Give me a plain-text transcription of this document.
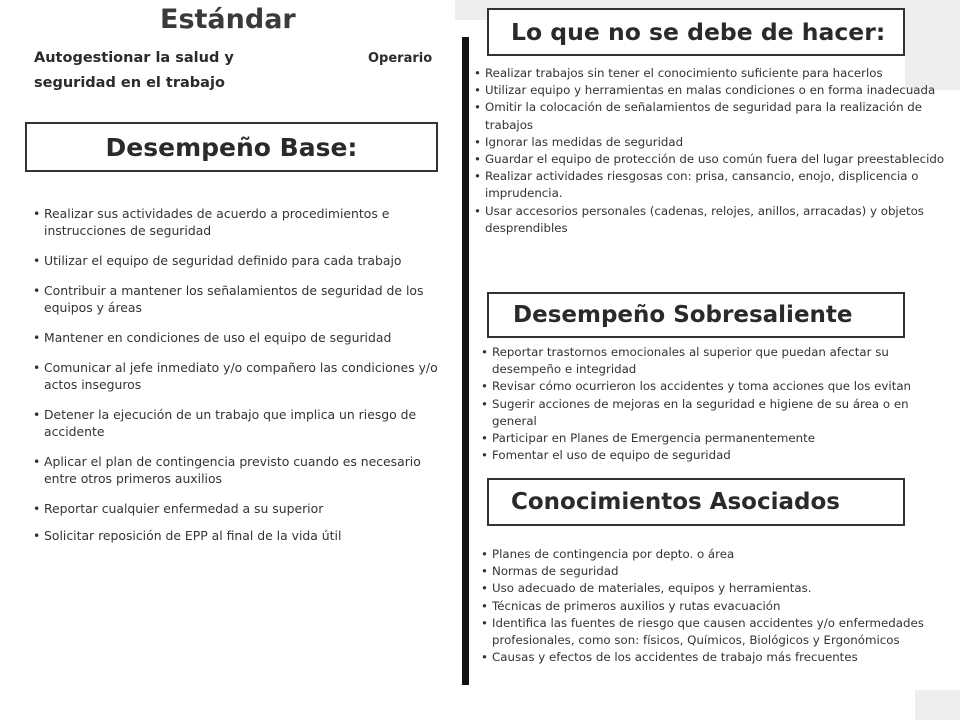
Estándar
Autogestionar la salud y seguridad en el trabajo
Operario
Desempeño Base:
• Realizar sus actividades de acuerdo a procedimientos e instrucciones de seguridad
• Utilizar el equipo de seguridad definido para cada trabajo
• Contribuir a mantener los señalamientos de seguridad de los equipos y áreas
• Mantener en condiciones de uso el equipo de seguridad
• Comunicar al jefe inmediato y/o compañero las condiciones y/o actos inseguros
• Detener la ejecución de un trabajo que implica un riesgo de accidente
• Aplicar el plan de contingencia previsto cuando es necesario entre otros primeros auxilios
• Reportar cualquier enfermedad a su superior
• Solicitar reposición de EPP al final de la vida útil
Lo que no se debe de hacer:
• Realizar trabajos sin tener el conocimiento suficiente para hacerlos
• Utilizar equipo y herramientas en malas condiciones o en forma inadecuada
• Omitir la colocación de señalamientos de seguridad para la realización de trabajos
• Ignorar las medidas de seguridad
• Guardar el equipo de protección de uso común fuera del lugar preestablecido
• Realizar actividades riesgosas con: prisa, cansancio, enojo, displicencia o imprudencia.
• Usar accesorios personales (cadenas, relojes, anillos, arracadas) y objetos desprendibles
Desempeño Sobresaliente
• Reportar trastornos emocionales al superior que puedan afectar su desempeño e integridad
• Revisar cómo ocurrieron los accidentes y toma acciones que los evitan
• Sugerir acciones de mejoras en la seguridad e higiene de su área o en general
• Participar en Planes de Emergencia permanentemente
• Fomentar el uso de equipo de seguridad
Conocimientos Asociados
• Planes de contingencia por depto. o área
• Normas de seguridad
• Uso adecuado de materiales, equipos y herramientas.
• Técnicas de primeros auxilios y rutas evacuación
• Identifica las fuentes de riesgo que causen accidentes y/o enfermedades profesionales, como son: físicos, Químicos, Biológicos y Ergonómicos
• Causas y efectos de los accidentes de trabajo más frecuentes
